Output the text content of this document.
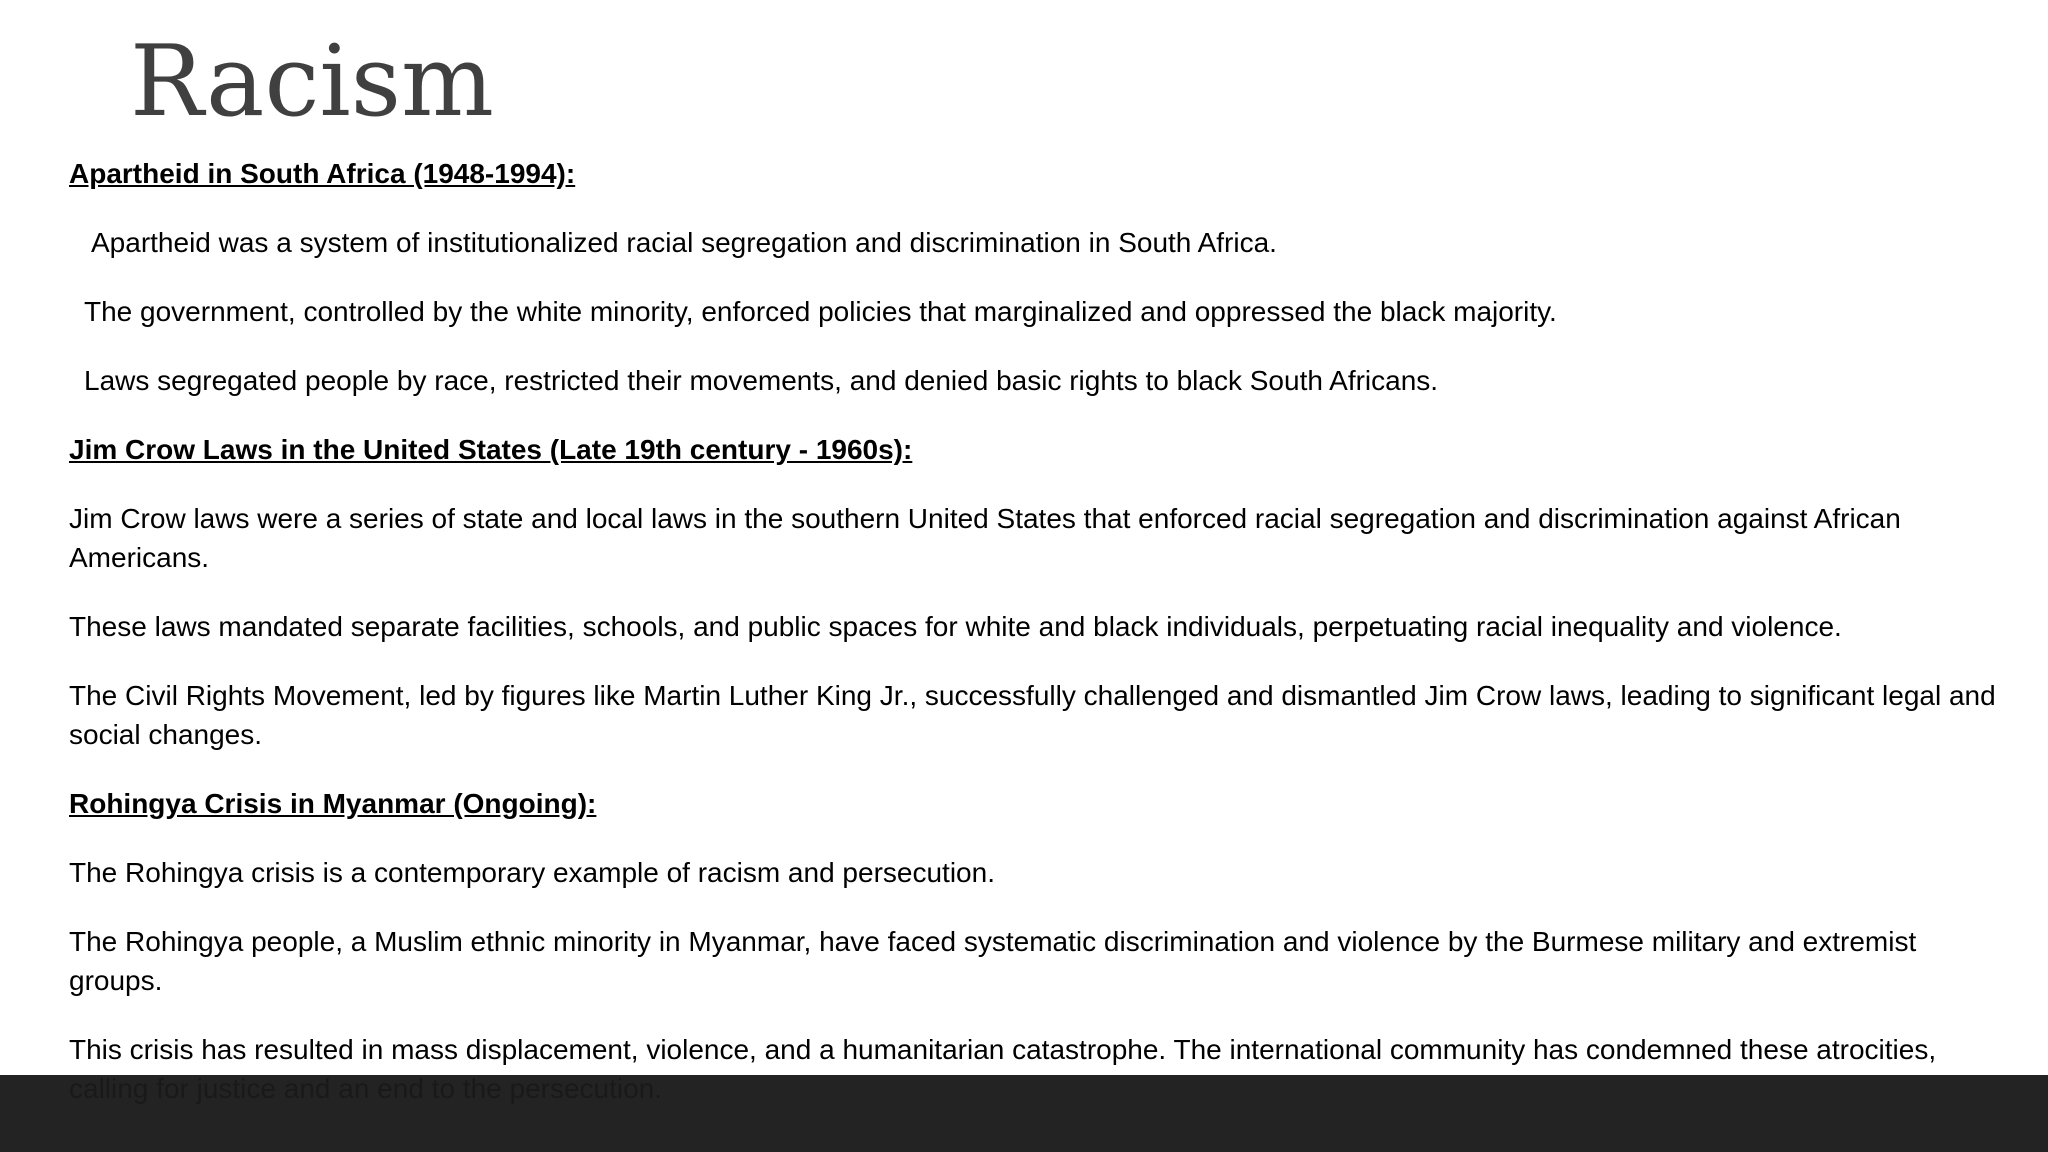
Racism

Apartheid in South Africa (1948-1994):

Apartheid was a system of institutionalized racial segregation and discrimination in South Africa.

The government, controlled by the white minority, enforced policies that marginalized and oppressed the black majority.

Laws segregated people by race, restricted their movements, and denied basic rights to black South Africans.

Jim Crow Laws in the United States (Late 19th century - 1960s):

Jim Crow laws were a series of state and local laws in the southern United States that enforced racial segregation and discrimination against African Americans.

These laws mandated separate facilities, schools, and public spaces for white and black individuals, perpetuating racial inequality and violence.

The Civil Rights Movement, led by figures like Martin Luther King Jr., successfully challenged and dismantled Jim Crow laws, leading to significant legal and social changes.

Rohingya Crisis in Myanmar (Ongoing):

The Rohingya crisis is a contemporary example of racism and persecution.

The Rohingya people, a Muslim ethnic minority in Myanmar, have faced systematic discrimination and violence by the Burmese military and extremist groups.

This crisis has resulted in mass displacement, violence, and a humanitarian catastrophe. The international community has condemned these atrocities,
